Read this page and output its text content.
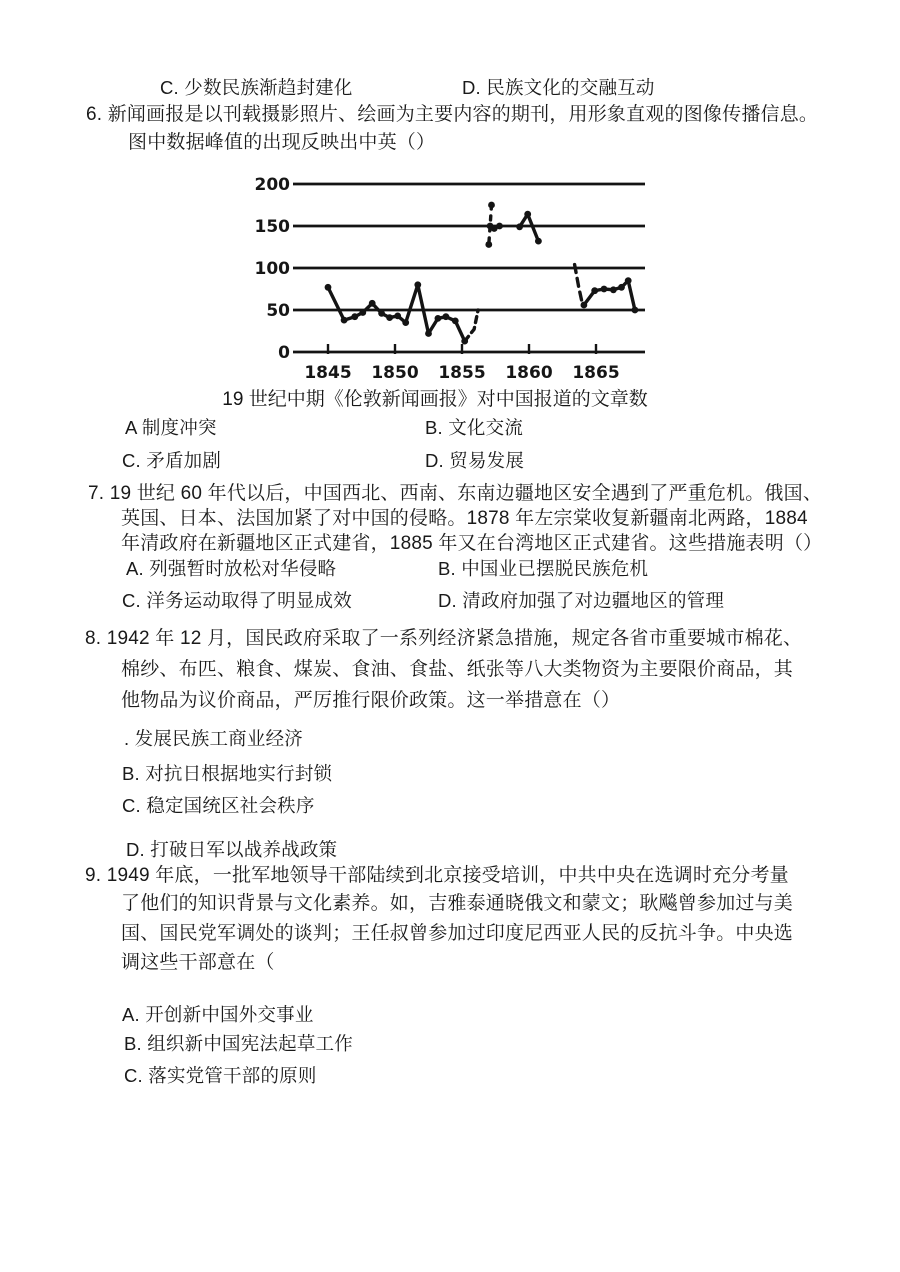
C. 少数民族渐趋封建化	D. 民族文化的交融互动
6. 新闻画报是以刊载摄影照片、绘画为主要内容的期刊，用形象直观的图像传播信息。
图中数据峰值的出现反映出中英（）
0
50
100
150
200
1845 1850 1855 1860 1865
19 世纪中期《伦敦新闻画报》对中国报道的文章数
A 制度冲突	B. 文化交流
C. 矛盾加剧	D. 贸易发展
7. 19 世纪 60 年代以后，中国西北、西南、东南边疆地区安全遇到了严重危机。俄国、
英国、日本、法国加紧了对中国的侵略。1878 年左宗棠收复新疆南北两路，1884
年清政府在新疆地区正式建省，1885 年又在台湾地区正式建省。这些措施表明（）
A. 列强暂时放松对华侵略	B. 中国业已摆脱民族危机
C. 洋务运动取得了明显成效	D. 清政府加强了对边疆地区的管理
8. 1942 年 12 月，国民政府采取了一系列经济紧急措施，规定各省市重要城市棉花、
棉纱、布匹、粮食、煤炭、食油、食盐、纸张等八大类物资为主要限价商品，其
他物品为议价商品，严厉推行限价政策。这一举措意在（）
. 发展民族工商业经济
B. 对抗日根据地实行封锁
C. 稳定国统区社会秩序
D. 打破日军以战养战政策
9. 1949 年底，一批军地领导干部陆续到北京接受培训，中共中央在选调时充分考量
了他们的知识背景与文化素养。如，吉雅泰通晓俄文和蒙文；耿飚曾参加过与美
国、国民党军调处的谈判；王任叔曾参加过印度尼西亚人民的反抗斗争。中央选
调这些干部意在（
A. 开创新中国外交事业
B. 组织新中国宪法起草工作
C. 落实党管干部的原则
